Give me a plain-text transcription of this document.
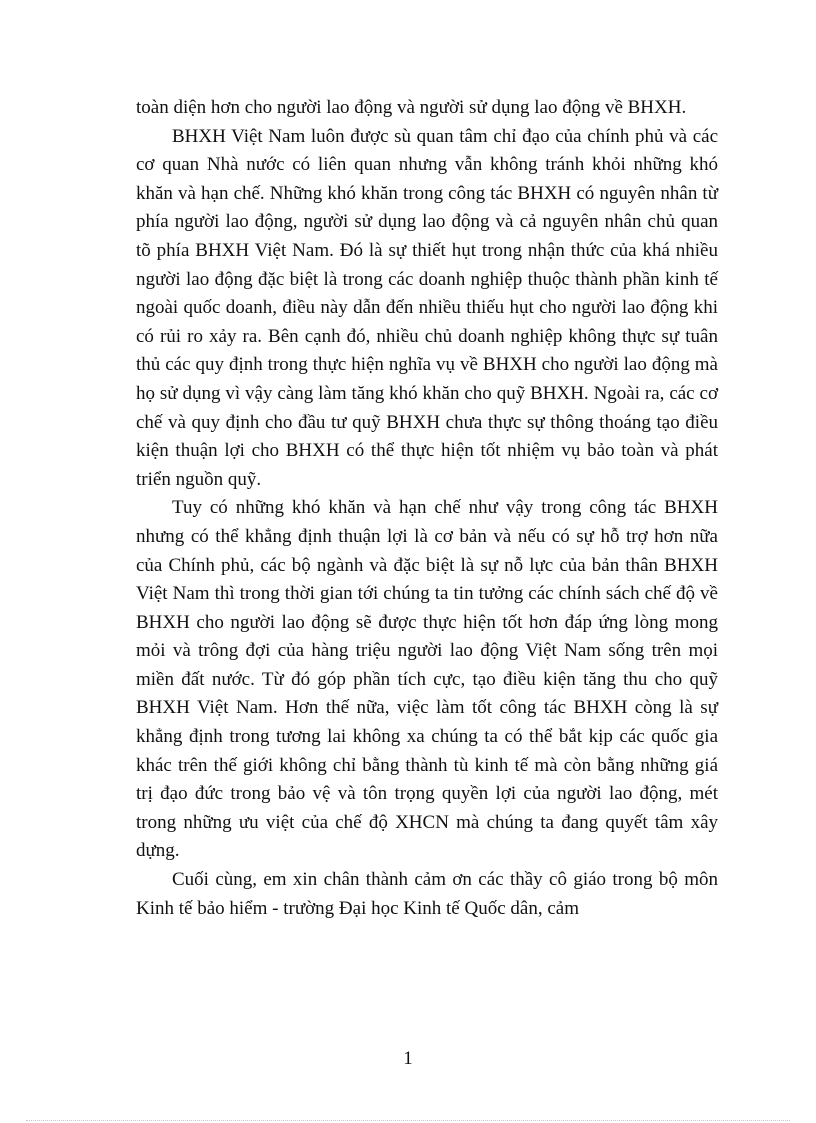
toàn diện hơn cho người lao động và người sử dụng lao động về BHXH.

BHXH Việt Nam luôn được sù quan tâm chỉ đạo của chính phủ và các cơ quan Nhà nước có liên quan nhưng vẫn không tránh khỏi những khó khăn và hạn chế. Những khó khăn trong công tác BHXH có nguyên nhân từ phía người lao động, người sử dụng lao động và cả nguyên nhân chủ quan tõ phía BHXH Việt Nam. Đó là sự thiết hụt trong nhận thức của khá nhiều người lao động đặc biệt là trong các doanh nghiệp thuộc thành phần kinh tế ngoài quốc doanh, điều này dẫn đến nhiều thiếu hụt cho người lao động khi có rủi ro xảy ra. Bên cạnh đó, nhiều chủ doanh nghiệp không thực sự tuân thủ các quy định trong thực hiện nghĩa vụ về BHXH cho người lao động mà họ sử dụng vì vậy càng làm tăng khó khăn cho quỹ BHXH. Ngoài ra, các cơ chế và quy định cho đầu tư quỹ BHXH chưa thực sự thông thoáng tạo điều kiện thuận lợi cho BHXH có thể thực hiện tốt nhiệm vụ bảo toàn và phát triển nguồn quỹ.

Tuy có những khó khăn và hạn chế như vậy trong công tác BHXH nhưng có thể khẳng định thuận lợi là cơ bản và nếu có sự hỗ trợ hơn nữa của Chính phủ, các bộ ngành và đặc biệt là sự nỗ lực của bản thân BHXH Việt Nam thì trong thời gian tới chúng ta tin tưởng các chính sách chế độ về BHXH cho người lao động sẽ được thực hiện tốt hơn đáp ứng lòng mong mỏi và trông đợi của hàng triệu người lao động Việt Nam sống trên mọi miền đất nước. Từ đó góp phần tích cực, tạo điều kiện tăng thu cho quỹ BHXH Việt Nam. Hơn thế nữa, việc làm tốt công tác BHXH còng là sự khẳng định trong tương lai không xa chúng ta có thể bắt kịp các quốc gia khác trên thế giới không chỉ bằng thành tù kinh tế mà còn bằng những giá trị đạo đức trong bảo vệ và tôn trọng quyền lợi của người lao động, mét trong những ưu việt của chế độ XHCN mà chúng ta đang quyết tâm xây dựng.

Cuối cùng, em xin chân thành cảm ơn các thầy cô giáo trong bộ môn Kinh tế bảo hiểm - trường Đại học Kinh tế Quốc dân, cảm

1
